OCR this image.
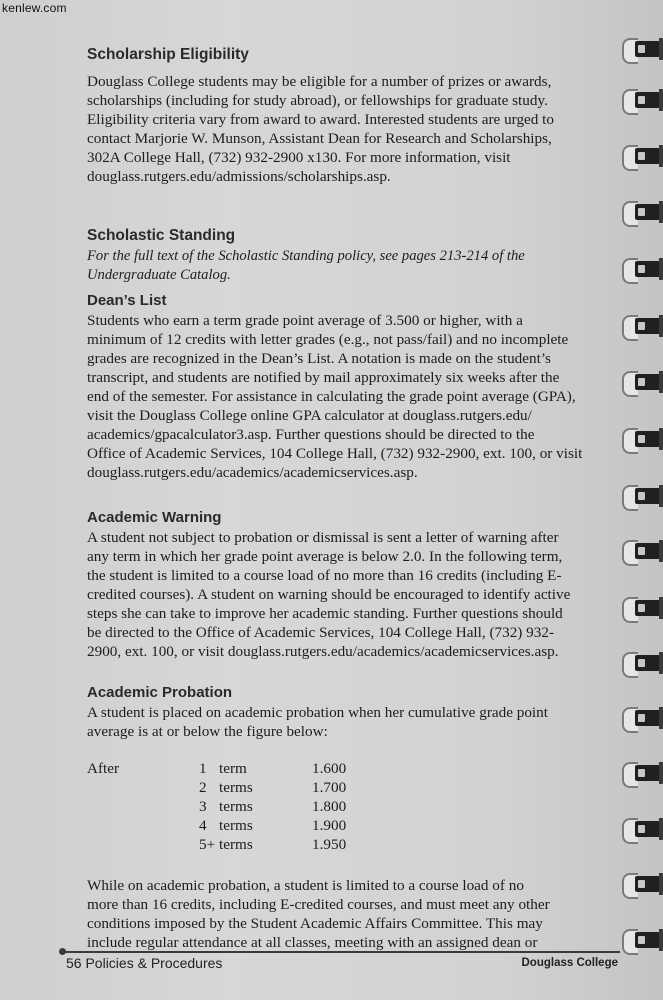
kenlew.com
Scholarship Eligibility

Douglass College students may be eligible for a number of prizes or awards,

scholarships (including for study abroad), or fellowships for graduate study.

Eligibility criteria vary from award to award. Interested students are urged to

contact Marjorie W. Munson, Assistant Dean for Research and Scholarships,

302A College Hall, (732) 932-2900 x130. For more information, visit

douglass.rutgers.edu/admissions/scholarships.asp.

Scholastic Standing

For the full text of the Scholastic Standing policy, see pages 213-214 of the

Undergraduate Catalog.

Dean’s List

Students who earn a term grade point average of 3.500 or higher, with a

minimum of 12 credits with letter grades (e.g., not pass/fail) and no incomplete

grades are recognized in the Dean’s List. A notation is made on the student’s

transcript, and students are notified by mail approximately six weeks after the

end of the semester. For assistance in calculating the grade point average (GPA),

visit the Douglass College online GPA calculator at douglass.rutgers.edu/

academics/gpacalculator3.asp. Further questions should be directed to the

Office of Academic Services, 104 College Hall, (732) 932-2900, ext. 100, or visit

douglass.rutgers.edu/academics/academicservices.asp.

Academic Warning

A student not subject to probation or dismissal is sent a letter of warning after

any term in which her grade point average is below 2.0. In the following term,

the student is limited to a course load of no more than 16 credits (including E-

credited courses). A student on warning should be encouraged to identify active

steps she can take to improve her academic standing. Further questions should

be directed to the Office of Academic Services, 104 College Hall, (732) 932-

2900, ext. 100, or visit douglass.rutgers.edu/academics/academicservices.asp.

Academic Probation

A student is placed on academic probation when her cumulative grade point

average is at or below the figure below:

After	1 term	1.600
2 terms	1.700
3 terms	1.800
4 terms	1.900
5+ terms	1.950

While on academic probation, a student is limited to a course load of no

more than 16 credits, including E-credited courses, and must meet any other

conditions imposed by the Student Academic Affairs Committee. This may

include regular attendance at all classes, meeting with an assigned dean or

56 Policies & Procedures	Douglass College
